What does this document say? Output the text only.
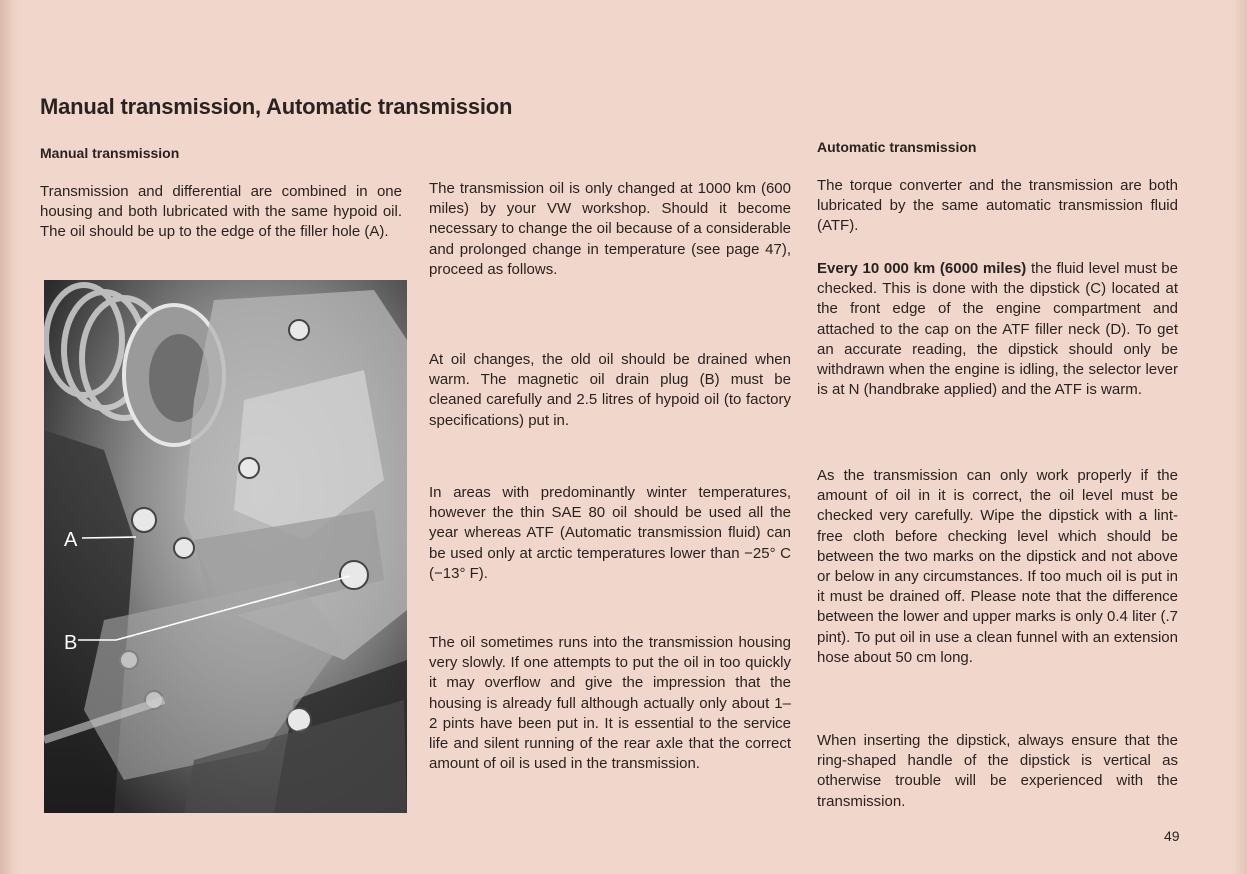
Manual transmission, Automatic transmission
Manual transmission

Transmission and differential are combined in one housing and both lubricated with the same hypoid oil. The oil should be up to the edge of the filler hole (A).

A
B

The transmission oil is only changed at 1000 km (600 miles) by your VW workshop. Should it become necessary to change the oil because of a considerable and prolonged change in temperature (see page 47), proceed as follows.

At oil changes, the old oil should be drained when warm. The magnetic oil drain plug (B) must be cleaned carefully and 2.5 litres of hypoid oil (to factory specifications) put in.

In areas with predominantly winter temperatures, however the thin SAE 80 oil should be used all the year whereas ATF (Automatic transmission fluid) can be used only at arctic temperatures lower than −25° C (−13° F).

The oil sometimes runs into the transmission housing very slowly. If one attempts to put the oil in too quickly it may overflow and give the impression that the housing is already full although actually only about 1–2 pints have been put in. It is essential to the service life and silent running of the rear axle that the correct amount of oil is used in the transmission.

Automatic transmission

The torque converter and the transmission are both lubricated by the same automatic transmission fluid (ATF).

Every 10 000 km (6000 miles) the fluid level must be checked. This is done with the dipstick (C) located at the front edge of the engine compartment and attached to the cap on the ATF filler neck (D). To get an accurate reading, the dipstick should only be withdrawn when the engine is idling, the selector lever is at N (handbrake applied) and the ATF is warm.

As the transmission can only work properly if the amount of oil in it is correct, the oil level must be checked very carefully. Wipe the dipstick with a lint-free cloth before checking level which should be between the two marks on the dipstick and not above or below in any circumstances. If too much oil is put in it must be drained off. Please note that the difference between the lower and upper marks is only 0.4 liter (.7 pint). To put oil in use a clean funnel with an extension hose about 50 cm long.

When inserting the dipstick, always ensure that the ring-shaped handle of the dipstick is vertical as otherwise trouble will be experienced with the transmission.

49
